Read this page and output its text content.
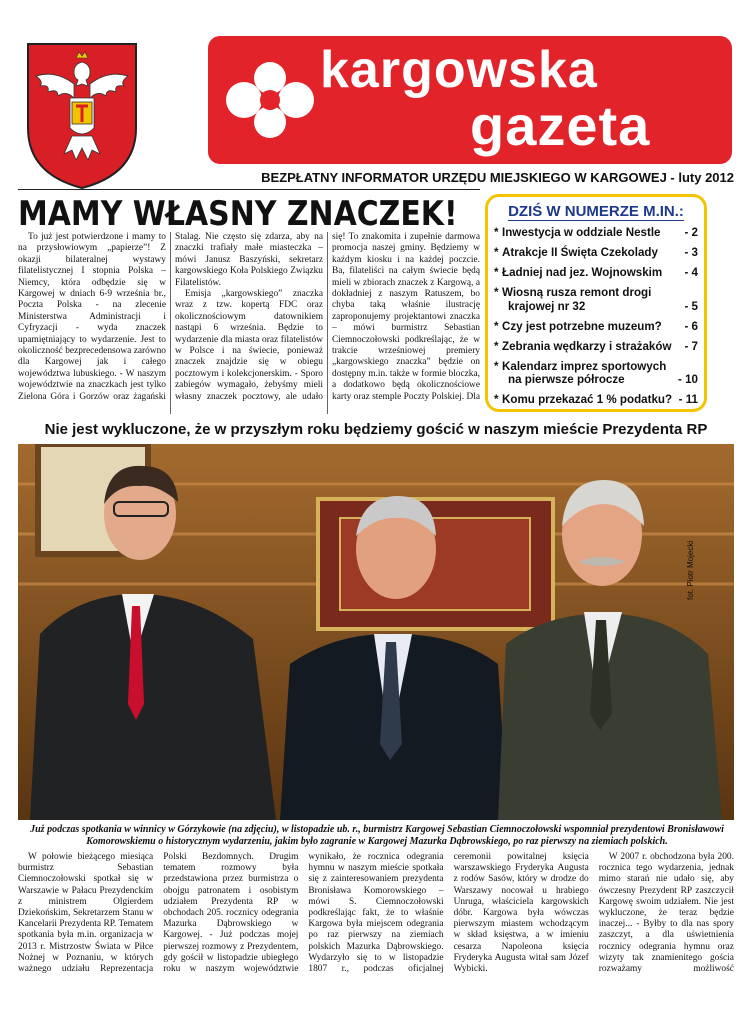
kargowska
gazeta
BEZPŁATNY INFORMATOR URZĘDU MIEJSKIEGO W KARGOWEJ - luty 2012
MAMY WŁASNY ZNACZEK!

To już jest potwierdzone i mamy to na przysłowiowym „papierze”! Z okazji bilateralnej wystawy filatelistycznej I stopnia Polska – Niemcy, która odbędzie się w Kargowej w dniach 6-9 września br., Poczta Polska - na zlecenie Ministerstwa Administracji i Cyfryzacji - wyda znaczek upamiętniający to wydarzenie. Jest to okoliczność bezprecedensowa zarówno dla Kargowej jak i całego województwa lubuskiego. - W naszym województwie na znaczkach jest tylko Zielona Góra i Gorzów oraz żagański Stalag. Nie często się zdarza, aby na znaczki trafiały małe miasteczka – mówi Janusz Baszyński, sekretarz kargowskiego Koła Polskiego Związku Filatelistów.

Emisja „kargowskiego” znaczka wraz z tzw. kopertą FDC oraz okolicznościowym datownikiem nastąpi 6 września. Będzie to wydarzenie dla miasta oraz filatelistów w Polsce i na świecie, ponieważ znaczek znajdzie się w obiegu pocztowym i kolekcjonerskim. - Sporo zabiegów wymagało, żebyśmy mieli własny znaczek pocztowy, ale udało się! To znakomita i zupełnie darmowa promocja naszej gminy. Będziemy w każdym kiosku i na każdej poczcie. Ba, filateliści na całym świecie będą mieli w zbiorach znaczek z Kargową, a dokładniej z naszym Ratuszem, bo chyba taką właśnie ilustrację zaproponujemy projektantowi znaczka – mówi burmistrz Sebastian Ciemnoczołowski podkreślając, że w trakcie wrześniowej premiery „kargowskiego znaczka” będzie on dostępny m.in. także w formie bloczka, a dodatkowo będą okolicznościowe karty oraz stemple Poczty Polskiej. Dla

DZIŚ W NUMERZE M.IN.:
* Inwestycja w oddziale Nestle	- 2
* Atrakcje II Święta Czekolady	- 3
* Ładniej nad jez. Wojnowskim	- 4
* Wiosną rusza remont drogi
krajowej nr 32	- 5
* Czy jest potrzebne muzeum?	- 6
* Zebrania wędkarzy i strażaków	- 7
* Kalendarz imprez sportowych
na pierwsze półrocze	- 10
* Komu przekazać 1 % podatku? - 11
Nie jest wykluczone, że w przyszłym roku będziemy gościć w naszym mieście Prezydenta RP
fot. Piotr Mojecki
Już podczas spotkania w winnicy w Górzykowie (na zdjęciu), w listopadzie ub. r., burmistrz Kargowej Sebastian Ciemnoczołowski wspomniał prezydentowi Bronisławowi Komorowskiemu o historycznym wydarzeniu, jakim było zagranie w Kargowej Mazurka Dąbrowskiego, po raz pierwszy na ziemiach polskich.

W połowie bieżącego miesiąca burmistrz Sebastian Ciemnoczołowski spotkał się w Warszawie w Pałacu Prezydenckim z ministrem Olgierdem Dziekońskim, Sekretarzem Stanu w Kancelarii Prezydenta RP. Tematem spotkania była m.in. organizacja w 2013 r. Mistrzostw Świata w Piłce Nożnej w Poznaniu, w których ważnego udziału Reprezentacja Polski Bezdomnych. Drugim tematem rozmowy była przedstawiona przez burmistrza o obojgu patronatem i osobistym udziałem Prezydenta RP w obchodach 205. rocznicy odegrania Mazurka Dąbrowskiego w Kargowej. - Już podczas mojej pierwszej rozmowy z Prezydentem, gdy gościł w listopadzie ubiegłego roku w naszym województwie wynikało, że rocznica odegrania hymnu w naszym mieście spotkała się z zainteresowaniem prezydenta Bronisława Komorowskiego – mówi S. Ciemnoczołowski podkreślając fakt, że to właśnie Kargowa była miejscem odegrania po raz pierwszy na ziemiach polskich Mazurka Dąbrowskiego. Wydarzyło się to w listopadzie 1807 r., podczas oficjalnej ceremonii powitalnej księcia warszawskiego Fryderyka Augusta z rodów Sasów, który w drodze do Warszawy nocował u hrabiego Unruga, właściciela kargowskich dóbr. Kargowa była wówczas pierwszym miastem wchodzącym w skład księstwa, a w imieniu cesarza Napoleona księcia Fryderyka Augusta witał sam Józef Wybicki.

W 2007 r. obchodzona była 200. rocznica tego wydarzenia, jednak mimo starań nie udało się, aby ówczesny Prezydent RP zaszczycił Kargowę swoim udziałem. Nie jest wykluczone, że teraz będzie inaczej... - Byłby to dla nas spory zaszczyt, a dla uświetnienia rocznicy odegrania hymnu oraz wizyty tak znamienitego gościa rozważamy możliwość
